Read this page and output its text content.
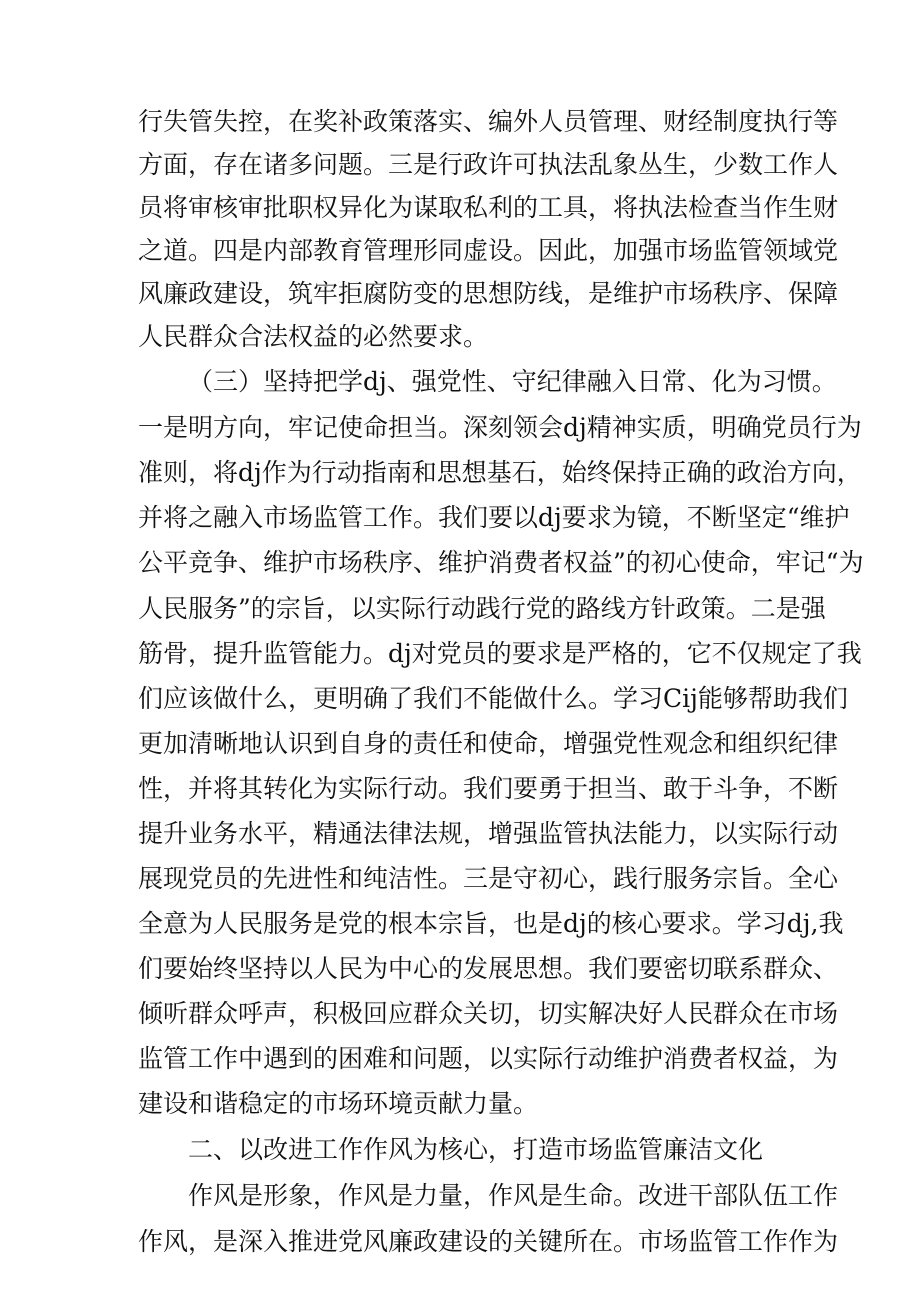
行失管失控，在奖补政策落实、编外人员管理、财经制度执行等
方面，存在诸多问题。三是行政许可执法乱象丛生，少数工作人
员将审核审批职权异化为谋取私利的工具，将执法检查当作生财
之道。四是内部教育管理形同虚设。因此，加强市场监管领域党
风廉政建设，筑牢拒腐防变的思想防线，是维护市场秩序、保障
人民群众合法权益的必然要求。
（三）坚持把学dj、强党性、守纪律融入日常、化为习惯。
一是明方向，牢记使命担当。深刻领会dj精神实质，明确党员行为
准则，将dj作为行动指南和思想基石，始终保持正确的政治方向，
并将之融入市场监管工作。我们要以dj要求为镜，不断坚定“维护
公平竞争、维护市场秩序、维护消费者权益”的初心使命，牢记“为
人民服务”的宗旨，以实际行动践行党的路线方针政策。二是强
筋骨，提升监管能力。dj对党员的要求是严格的，它不仅规定了我
们应该做什么，更明确了我们不能做什么。学习Cij能够帮助我们
更加清晰地认识到自身的责任和使命，增强党性观念和组织纪律
性，并将其转化为实际行动。我们要勇于担当、敢于斗争，不断
提升业务水平，精通法律法规，增强监管执法能力，以实际行动
展现党员的先进性和纯洁性。三是守初心，践行服务宗旨。全心
全意为人民服务是党的根本宗旨，也是dj的核心要求。学习dj,我
们要始终坚持以人民为中心的发展思想。我们要密切联系群众、
倾听群众呼声，积极回应群众关切，切实解决好人民群众在市场
监管工作中遇到的困难和问题，以实际行动维护消费者权益，为
建设和谐稳定的市场环境贡献力量。
二、以改进工作作风为核心，打造市场监管廉洁文化
作风是形象，作风是力量，作风是生命。改进干部队伍工作
作风，是深入推进党风廉政建设的关键所在。市场监管工作作为
